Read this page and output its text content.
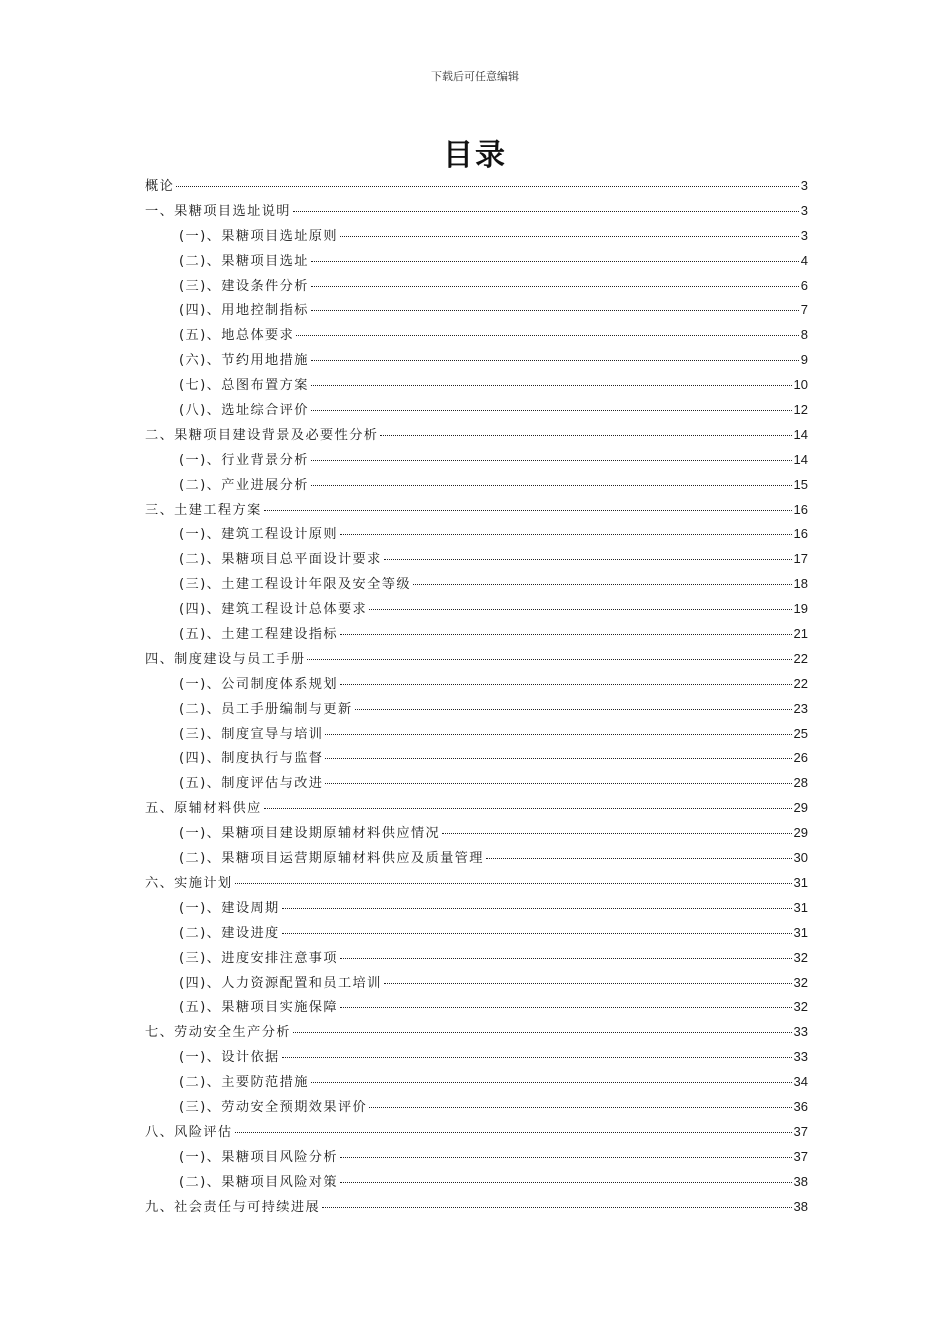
下载后可任意编辑
目录
概论	3
一、果糖项目选址说明	3
(一)、果糖项目选址原则	3
(二)、果糖项目选址	4
(三)、建设条件分析	6
(四)、用地控制指标	7
(五)、地总体要求	8
(六)、节约用地措施	9
(七)、总图布置方案	10
(八)、选址综合评价	12
二、果糖项目建设背景及必要性分析	14
(一)、行业背景分析	14
(二)、产业进展分析	15
三、土建工程方案	16
(一)、建筑工程设计原则	16
(二)、果糖项目总平面设计要求	17
(三)、土建工程设计年限及安全等级	18
(四)、建筑工程设计总体要求	19
(五)、土建工程建设指标	21
四、制度建设与员工手册	22
(一)、公司制度体系规划	22
(二)、员工手册编制与更新	23
(三)、制度宣导与培训	25
(四)、制度执行与监督	26
(五)、制度评估与改进	28
五、原辅材料供应	29
(一)、果糖项目建设期原辅材料供应情况	29
(二)、果糖项目运营期原辅材料供应及质量管理	30
六、实施计划	31
(一)、建设周期	31
(二)、建设进度	31
(三)、进度安排注意事项	32
(四)、人力资源配置和员工培训	32
(五)、果糖项目实施保障	32
七、劳动安全生产分析	33
(一)、设计依据	33
(二)、主要防范措施	34
(三)、劳动安全预期效果评价	36
八、风险评估	37
(一)、果糖项目风险分析	37
(二)、果糖项目风险对策	38
九、社会责任与可持续进展	38
